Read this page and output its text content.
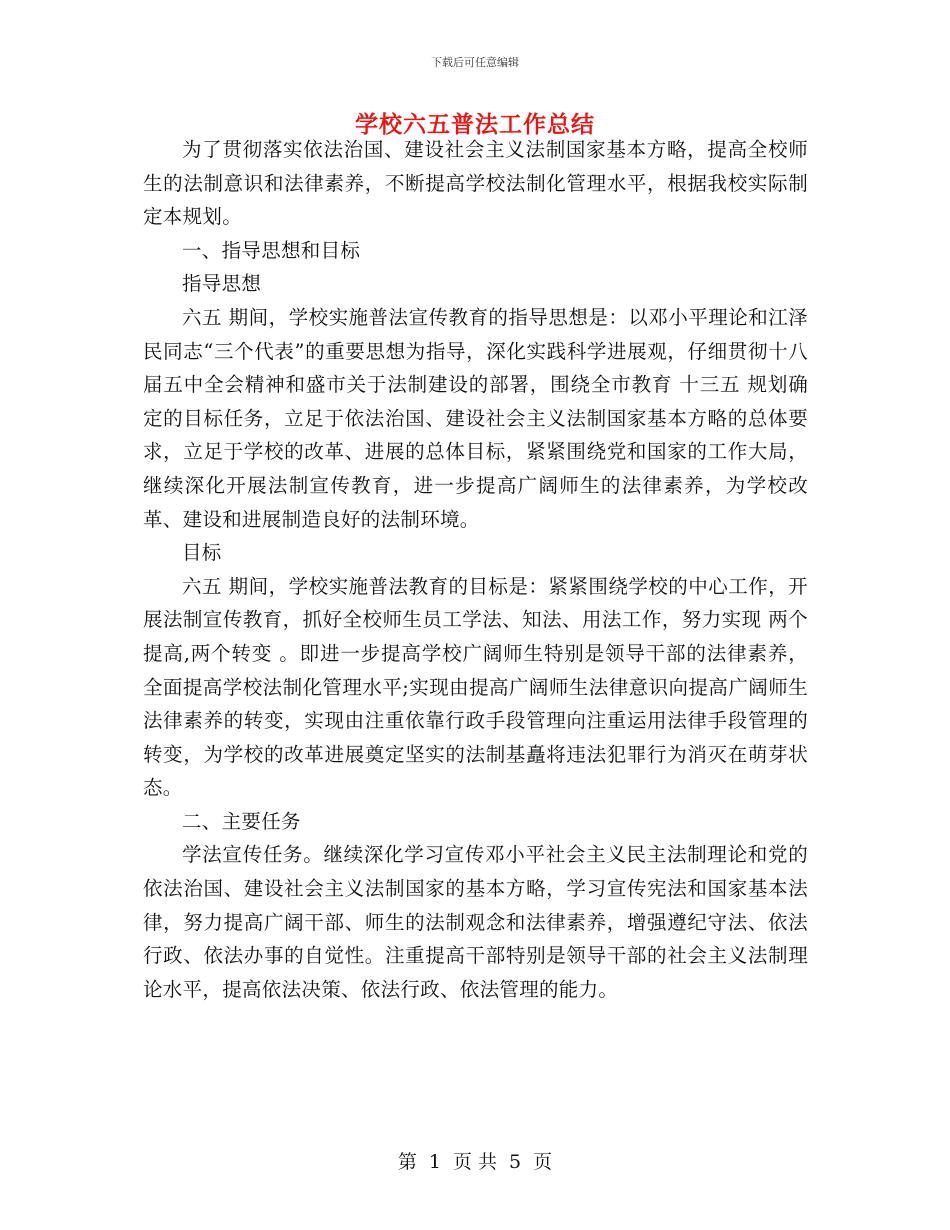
下载后可任意编辑
学校六五普法工作总结

为了贯彻落实依法治国、建设社会主义法制国家基本方略，提高全校师生的法制意识和法律素养，不断提高学校法制化管理水平，根据我校实际制定本规划。

一、指导思想和目标

指导思想

六五 期间，学校实施普法宣传教育的指导思想是：以邓小平理论和江泽民同志“三个代表”的重要思想为指导，深化实践科学进展观，仔细贯彻十八届五中全会精神和盛市关于法制建设的部署，围绕全市教育 十三五 规划确定的目标任务，立足于依法治国、建设社会主义法制国家基本方略的总体要求，立足于学校的改革、进展的总体目标，紧紧围绕党和国家的工作大局，继续深化开展法制宣传教育，进一步提高广阔师生的法律素养，为学校改革、建设和进展制造良好的法制环境。

目标

六五 期间，学校实施普法教育的目标是：紧紧围绕学校的中心工作，开展法制宣传教育，抓好全校师生员工学法、知法、用法工作，努力实现 两个提高,两个转变 。即进一步提高学校广阔师生特别是领导干部的法律素养，全面提高学校法制化管理水平;实现由提高广阔师生法律意识向提高广阔师生法律素养的转变，实现由注重依靠行政手段管理向注重运用法律手段管理的转变，为学校的改革进展奠定坚实的法制基矗将违法犯罪行为消灭在萌芽状态。

二、主要任务

学法宣传任务。继续深化学习宣传邓小平社会主义民主法制理论和党的依法治国、建设社会主义法制国家的基本方略，学习宣传宪法和国家基本法律，努力提高广阔干部、师生的法制观念和法律素养，增强遵纪守法、依法行政、依法办事的自觉性。注重提高干部特别是领导干部的社会主义法制理论水平，提高依法决策、依法行政、依法管理的能力。

第 1 页 共 5 页
